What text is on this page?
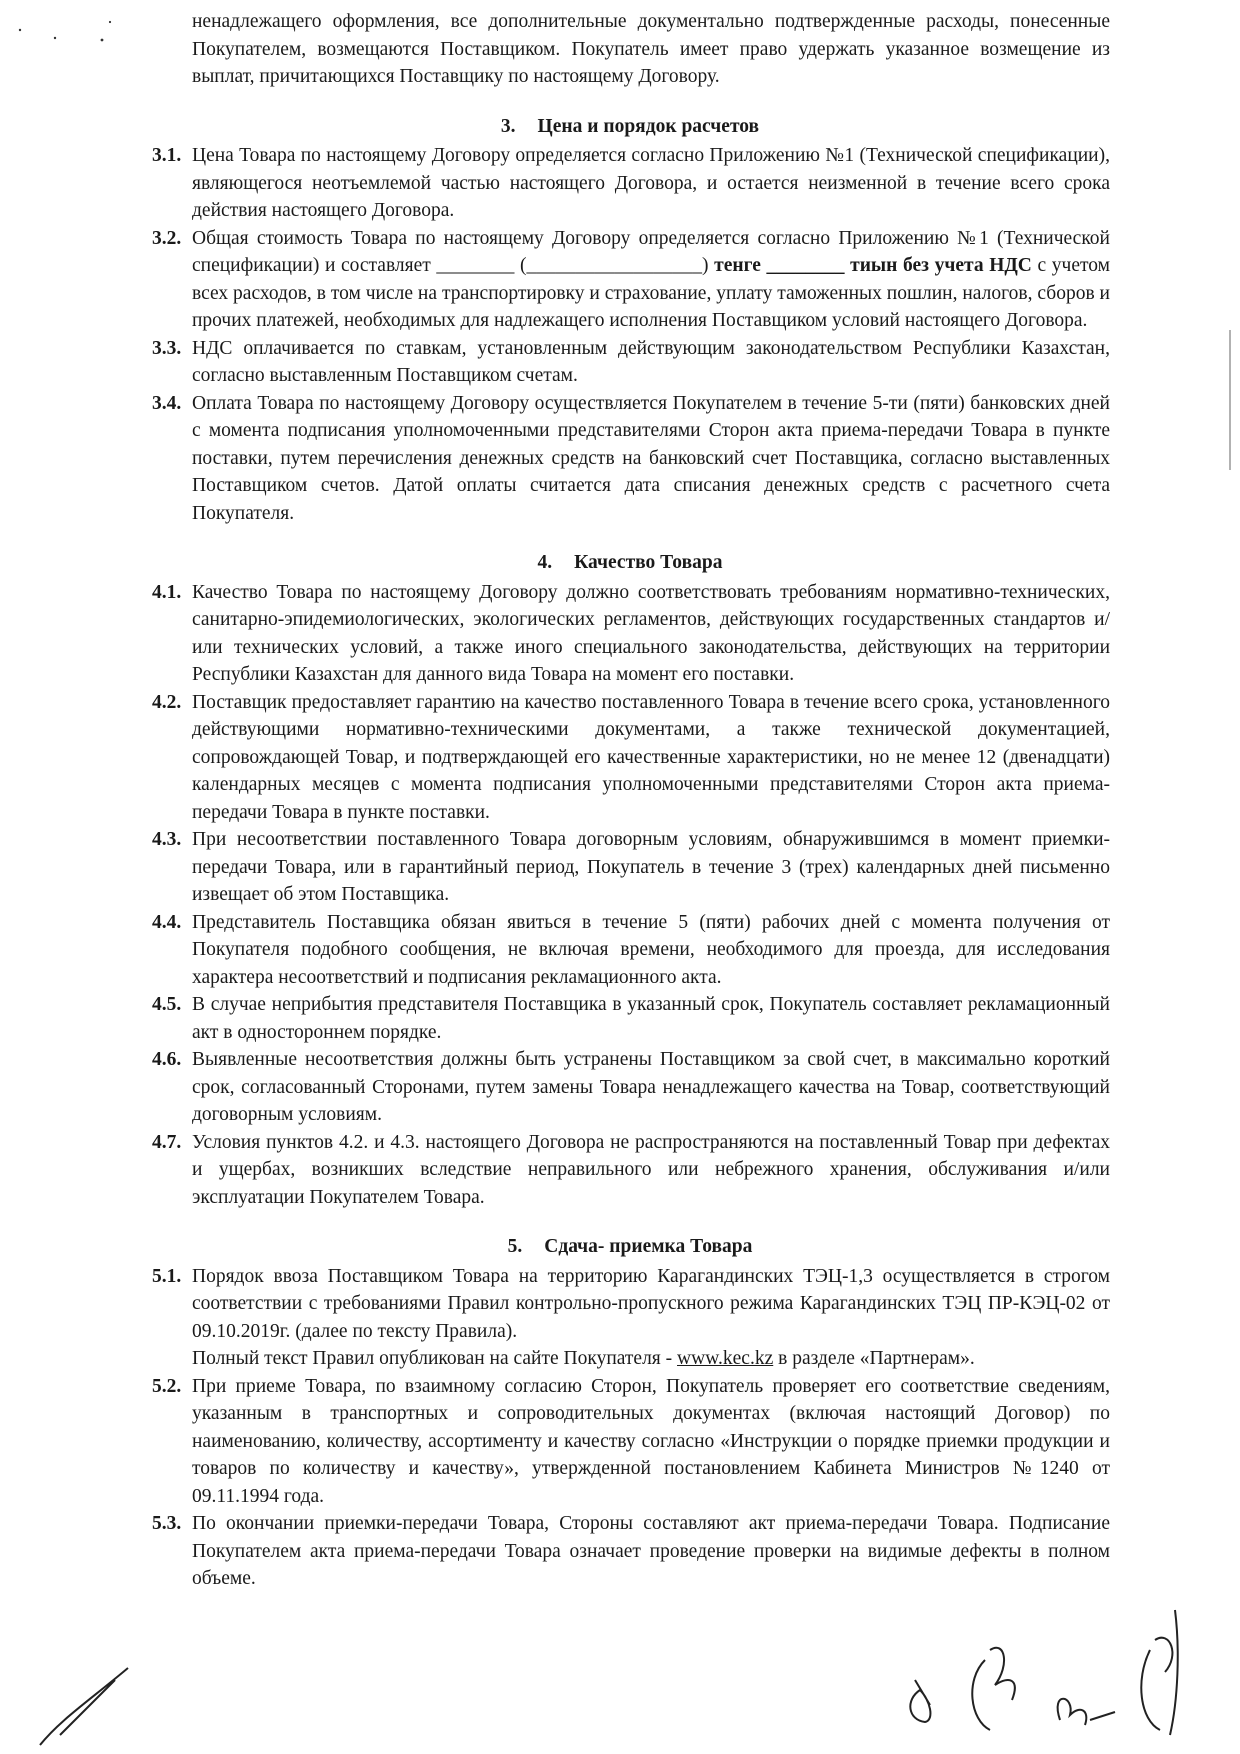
ненадлежащего оформления, все дополнительные документально подтвержденные расходы, понесенные Покупателем, возмещаются Поставщиком. Покупатель имеет право удержать указанное возмещение из выплат, причитающихся Поставщику по настоящему Договору.

3. Цена и порядок расчетов

3.1. Цена Товара по настоящему Договору определяется согласно Приложению №1 (Технической спецификации), являющегося неотъемлемой частью настоящего Договора, и остается неизменной в течение всего срока действия настоящего Договора.

3.2. Общая стоимость Товара по настоящему Договору определяется согласно Приложению №1 (Технической спецификации) и составляет ________ (__________________) тенге ________ тиын без учета НДС с учетом всех расходов, в том числе на транспортировку и страхование, уплату таможенных пошлин, налогов, сборов и прочих платежей, необходимых для надлежащего исполнения Поставщиком условий настоящего Договора.

3.3. НДС оплачивается по ставкам, установленным действующим законодательством Республики Казахстан, согласно выставленным Поставщиком счетам.

3.4. Оплата Товара по настоящему Договору осуществляется Покупателем в течение 5-ти (пяти) банковских дней с момента подписания уполномоченными представителями Сторон акта приема-передачи Товара в пункте поставки, путем перечисления денежных средств на банковский счет Поставщика, согласно выставленных Поставщиком счетов. Датой оплаты считается дата списания денежных средств с расчетного счета Покупателя.

4. Качество Товара

4.1. Качество Товара по настоящему Договору должно соответствовать требованиям нормативно-технических, санитарно-эпидемиологических, экологических регламентов, действующих государственных стандартов и/или технических условий, а также иного специального законодательства, действующих на территории Республики Казахстан для данного вида Товара на момент его поставки.

4.2. Поставщик предоставляет гарантию на качество поставленного Товара в течение всего срока, установленного действующими нормативно-техническими документами, а также технической документацией, сопровождающей Товар, и подтверждающей его качественные характеристики, но не менее 12 (двенадцати) календарных месяцев с момента подписания уполномоченными представителями Сторон акта приема-передачи Товара в пункте поставки.

4.3. При несоответствии поставленного Товара договорным условиям, обнаружившимся в момент приемки-передачи Товара, или в гарантийный период, Покупатель в течение 3 (трех) календарных дней письменно извещает об этом Поставщика.

4.4. Представитель Поставщика обязан явиться в течение 5 (пяти) рабочих дней с момента получения от Покупателя подобного сообщения, не включая времени, необходимого для проезда, для исследования характера несоответствий и подписания рекламационного акта.

4.5. В случае неприбытия представителя Поставщика в указанный срок, Покупатель составляет рекламационный акт в одностороннем порядке.

4.6. Выявленные несоответствия должны быть устранены Поставщиком за свой счет, в максимально короткий срок, согласованный Сторонами, путем замены Товара ненадлежащего качества на Товар, соответствующий договорным условиям.

4.7. Условия пунктов 4.2. и 4.3. настоящего Договора не распространяются на поставленный Товар при дефектах и ущербах, возникших вследствие неправильного или небрежного хранения, обслуживания и/или эксплуатации Покупателем Товара.

5. Сдача- приемка Товара

5.1. Порядок ввоза Поставщиком Товара на территорию Карагандинских ТЭЦ-1,3 осуществляется в строгом соответствии с требованиями Правил контрольно-пропускного режима Карагандинских ТЭЦ ПР-КЭЦ-02 от 09.10.2019г. (далее по тексту Правила).
Полный текст Правил опубликован на сайте Покупателя - www.kec.kz в разделе «Партнерам».

5.2. При приеме Товара, по взаимному согласию Сторон, Покупатель проверяет его соответствие сведениям, указанным в транспортных и сопроводительных документах (включая настоящий Договор) по наименованию, количеству, ассортименту и качеству согласно «Инструкции о порядке приемки продукции и товаров по количеству и качеству», утвержденной постановлением Кабинета Министров №1240 от 09.11.1994 года.

5.3. По окончании приемки-передачи Товара, Стороны составляют акт приема-передачи Товара. Подписание Покупателем акта приема-передачи Товара означает проведение проверки на видимые дефекты в полном объеме.
